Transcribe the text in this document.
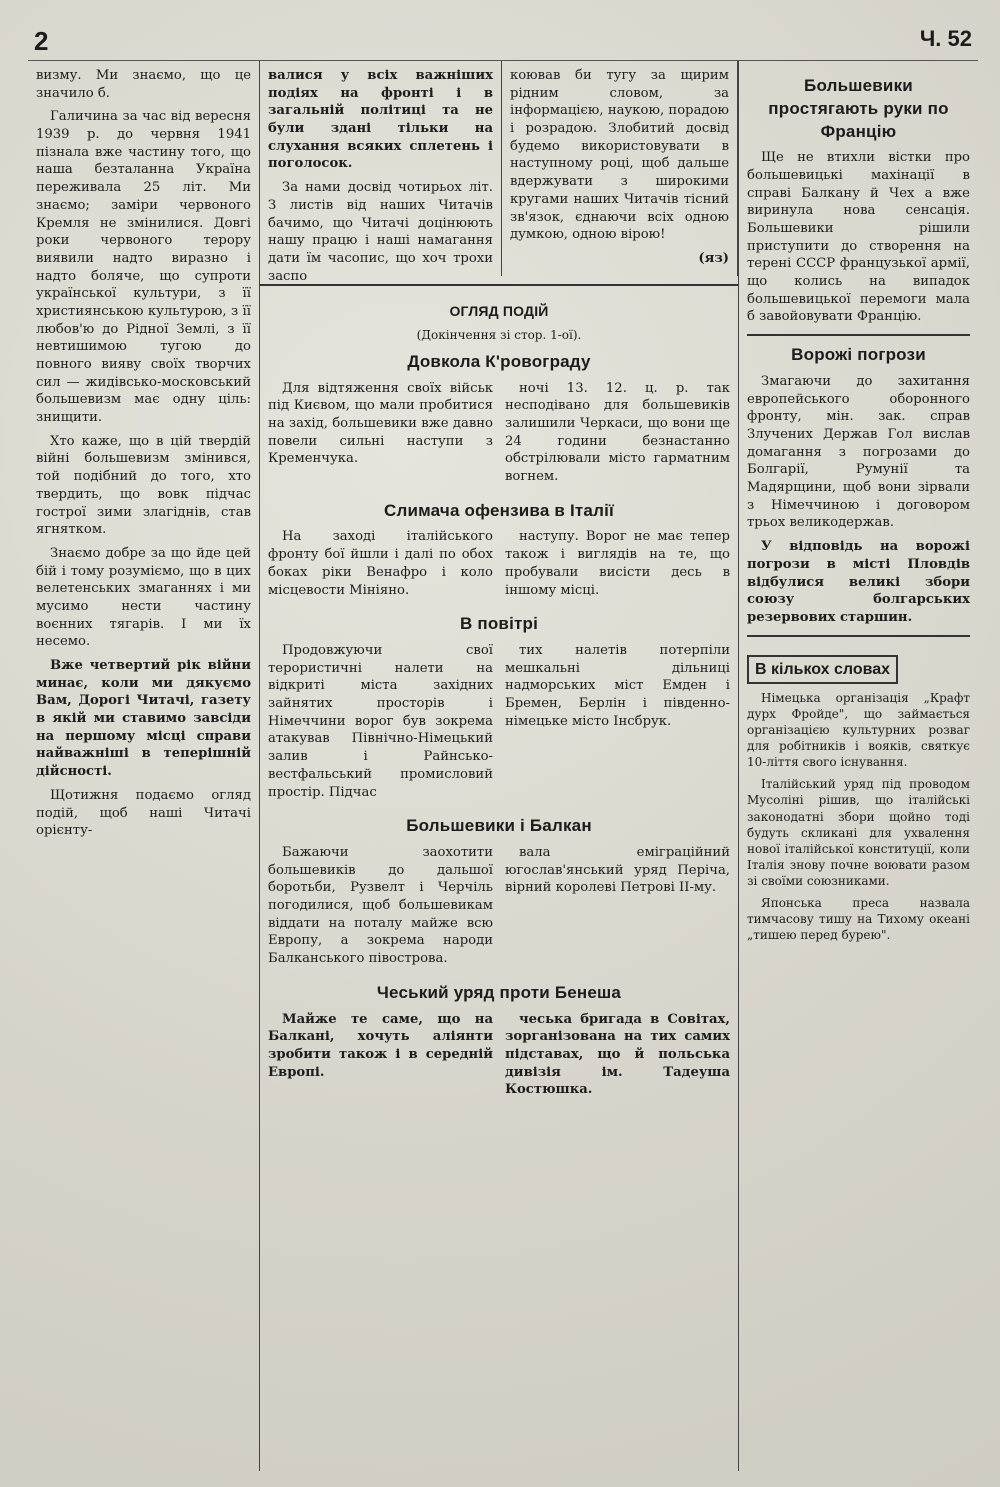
2	Ч. 52

визму. Ми знаємо, що це значило б.

Галичина за час від вересня 1939 р. до червня 1941 пізнала вже частину того, що наша безталанна Україна переживала 25 літ. Ми знаємо; заміри червоного Кремля не змінилися. Довгі роки червоного терору виявили надто виразно і надто боляче, що супроти української культури, з її християнською культурою, з її любов'ю до Рідної Землі, з її невтишимою тугою до повного вияву своїх творчих сил — жидівсько-московський большевизм має одну ціль: знищити.

Хто каже, що в цій твердій війні большевизм змінився, той подібний до того, хто твердить, що вовк підчас гострої зими злагіднів, став ягнятком.

Знаємо добре за що йде цей бій і тому розуміємо, що в цих велетенських змаганнях і ми мусимо нести частину воєнних тягарів. І ми їх несемо.

Вже четвертий рік війни минає, коли ми дякуємо Вам, Дорогі Читачі, газету в якій ми ставимо завсіди на першому місці справи найважніші в теперішній дійсності.

Щотижня подаємо огляд подій, щоб наші Читачі орієнту-

валися у всіх важніших подіях на фронті і в загальній політиці та не були здані тільки на слухання всяких сплетень і поголосок.

За нами досвід чотирьох літ. З листів від наших Читачів бачимо, що Читачі доцінюють нашу працю і наші намагання дати їм часопис, що хоч трохи заспо

коював би тугу за щирим рідним словом, за інформацією, наукою, порадою і розрадою. Злобитий досвід будемо використовувати в наступному році, щоб дальше вдержувати з широкими кругами наших Читачів тісний зв'язок, єднаючи всіх одною думкою, одною вірою!

(яз)
ОГЛЯД ПОДІЙ
(Докінчення зі стор. 1-ої).
Довкола К'ровограду

Для відтяження своїх військ під Києвом, що мали пробитися на захід, большевики вже давно повели сильні наступи з Кременчука.

ночі 13. 12. ц. р. так несподівано для большевиків залишили Черкаси, що вони ще 24 години безнастанно обстрілювали місто гарматним вогнем.

Слимача офензива в Італії

На заході італійського фронту бої йшли і далі по обох боках ріки Венафро і коло місцевости Мініяно.

наступу. Ворог не має тепер також і виглядів на те, що пробували висісти десь в іншому місці.

В повітрі

Продовжуючи свої терористичні налети на відкриті міста західних зайнятих просторів і Німеччини ворог був зокрема атакував Північно-Німецький залив і Райнсько-вестфальський промисловий простір. Підчас

тих налетів потерпіли мешкальні дільниці надморських міст Емден і Бремен, Берлін і південно-німецьке місто Інсбрук.

Большевики і Балкан

Бажаючи заохотити большевиків до дальшої боротьби, Рузвелт і Черчіль погодилися, щоб большевикам віддати на поталу майже всю Европу, а зокрема народи Балканського півострова.

вала еміграційний югослав'янський уряд Періча, вірний королеві Петрові ІІ-му.

Чеський уряд проти Бенеша

Майже те саме, що на Балкані, хочуть аліянти зробити також і в середній Европі.

чеська бригада в Совітах, зорганізована на тих самих підставах, що й польська дивізія ім. Тадеуша Костюшка.

Большевики простягають руки по Францію

Ще не втихли вістки про большевицькі махінації в справі Балкану й Чех а вже виринула нова сенсація. Большевики рішили приступити до створення на терені СССР французької армії, що колись на випадок большевицької перемоги мала б завойовувати Францію.

Ворожі погрози

Змагаючи до захитання европейського оборонного фронту, мін. зак. справ Злучених Держав Гол вислав домагання з погрозами до Болгарії, Румунії та Мадярщини, щоб вони зірвали з Німеччиною і договором трьох великодержав.

У відповідь на ворожі погрози в місті Пловдів відбулися великі збори союзу болгарських резервових старшин.

В кількох словах

Німецька організація „Крафт дурх Фройде", що займається організацією культурних розваг для робітників і вояків, святкує 10-ліття свого існування.

Італійський уряд під проводом Мусоліні рішив, що італійські законодатні збори щойно тоді будуть скликані для ухвалення нової італійської конституції, коли Італія знову почне воювати разом зі своїми союзниками.

Японська преса назвала тимчасову тишу на Тихому океані „тишею перед бурею".
